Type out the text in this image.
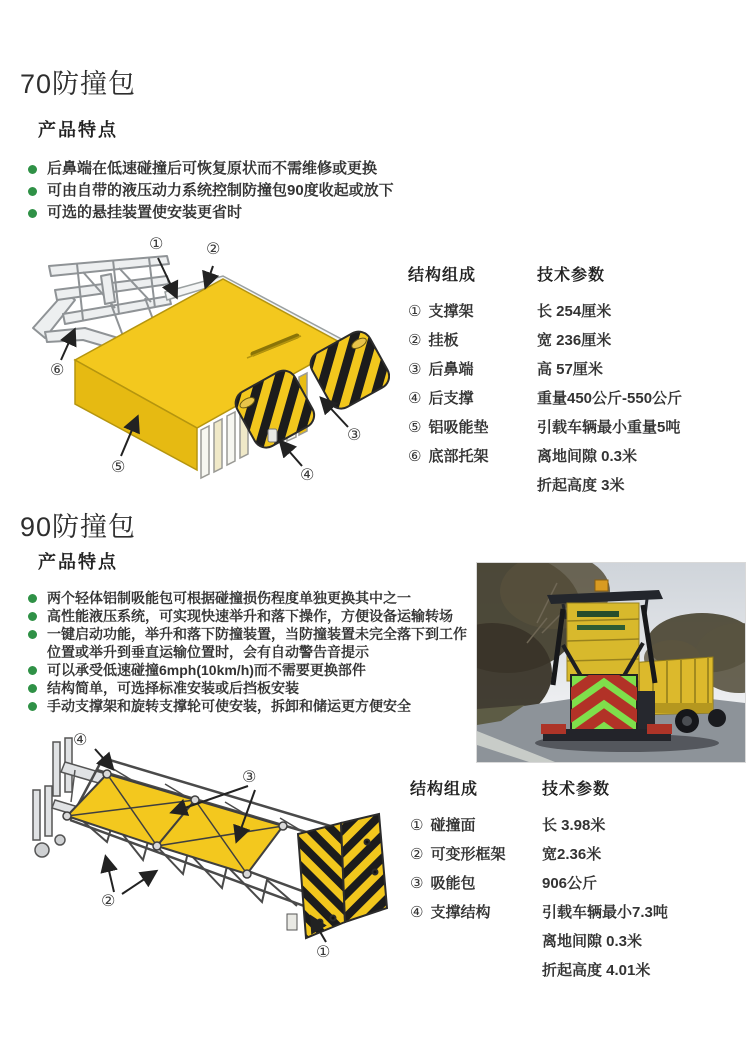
70防撞包
产品特点
后鼻端在低速碰撞后可恢复原状而不需维修或更换
可由自带的液压动力系统控制防撞包90度收起或放下
可选的悬挂装置使安装更省时
①	②
③
④
⑤
⑥
结构组成
① 支撑架
② 挂板
③ 后鼻端
④ 后支撑
⑤ 铝吸能垫
⑥ 底部托架
技术参数
长 254厘米
宽 236厘米
高 57厘米
重量450公斤-550公斤
引载车辆最小重量5吨
离地间隙 0.3米
折起高度 3米
90防撞包
产品特点
两个轻体铝制吸能包可根据碰撞损伤程度单独更换其中之一
高性能液压系统，可实现快速举升和落下操作，方便设备运输转场
一键启动功能，举升和落下防撞装置，当防撞装置未完全落下到工作位置或举升到垂直运输位置时，会有自动警告音提示
可以承受低速碰撞6mph(10km/h)而不需要更换部件
结构简单，可选择标准安装或后挡板安装
手动支撑架和旋转支撑轮可使安装，拆卸和储运更方便安全
①
②
③
④
结构组成
① 碰撞面
② 可变形框架
③ 吸能包
④ 支撑结构
技术参数
长 3.98米
宽2.36米
906公斤
引载车辆最小7.3吨
离地间隙 0.3米
折起高度 4.01米
